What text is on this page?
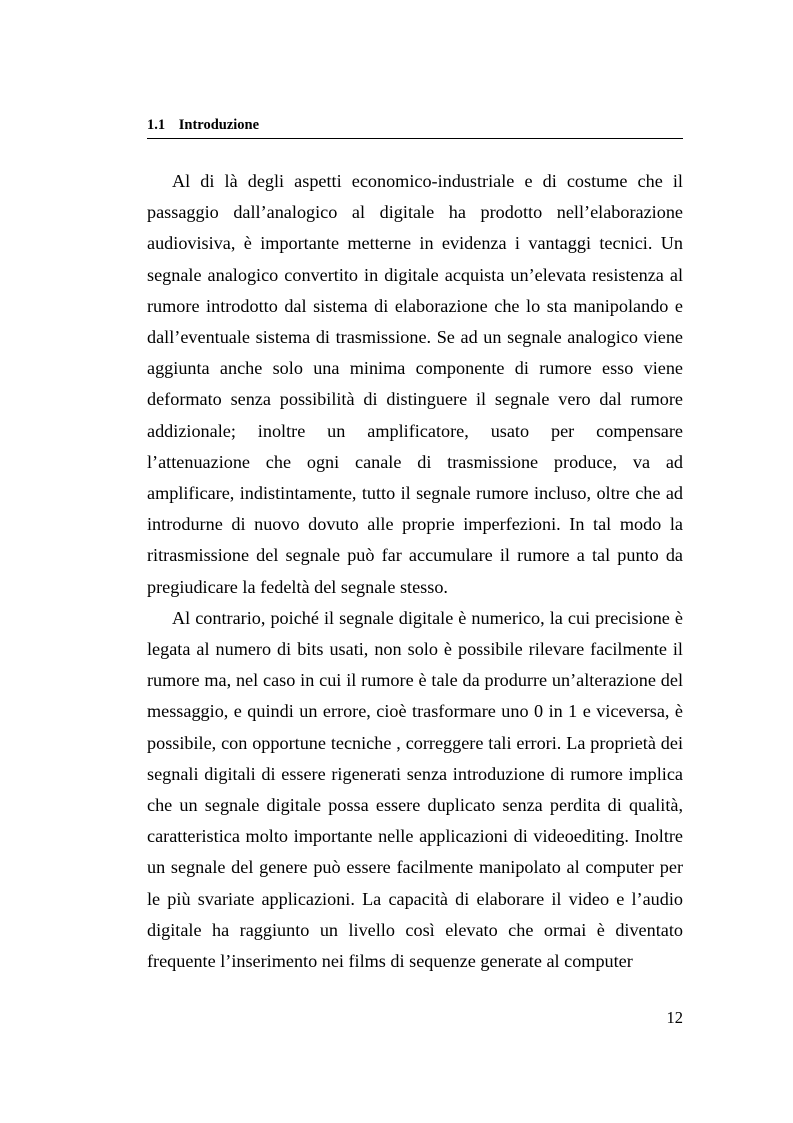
1.1 Introduzione

Al di là degli aspetti economico-industriale e di costume che il passaggio dall’analogico al digitale ha prodotto nell’elaborazione audiovisiva, è importante metterne in evidenza i vantaggi tecnici. Un segnale analogico convertito in digitale acquista un’elevata resistenza al rumore introdotto dal sistema di elaborazione che lo sta manipolando e dall’eventuale sistema di trasmissione. Se ad un segnale analogico viene aggiunta anche solo una minima componente di rumore esso viene deformato senza possibilità di distinguere il segnale vero dal rumore addizionale; inoltre un amplificatore, usato per compensare l’attenuazione che ogni canale di trasmissione produce, va ad amplificare, indistintamente, tutto il segnale rumore incluso, oltre che ad introdurne di nuovo dovuto alle proprie imperfezioni. In tal modo la ritrasmissione del segnale può far accumulare il rumore a tal punto da pregiudicare la fedeltà del segnale stesso.

Al contrario, poiché il segnale digitale è numerico, la cui precisione è legata al numero di bits usati, non solo è possibile rilevare facilmente il rumore ma, nel caso in cui il rumore è tale da produrre un’alterazione del messaggio, e quindi un errore, cioè trasformare uno 0 in 1 e viceversa, è possibile, con opportune tecniche , correggere tali errori. La proprietà dei segnali digitali di essere rigenerati senza introduzione di rumore implica che un segnale digitale possa essere duplicato senza perdita di qualità, caratteristica molto importante nelle applicazioni di videoediting. Inoltre un segnale del genere può essere facilmente manipolato al computer per le più svariate applicazioni. La capacità di elaborare il video e l’audio digitale ha raggiunto un livello così elevato che ormai è diventato frequente l’inserimento nei films di sequenze generate al computer

12
